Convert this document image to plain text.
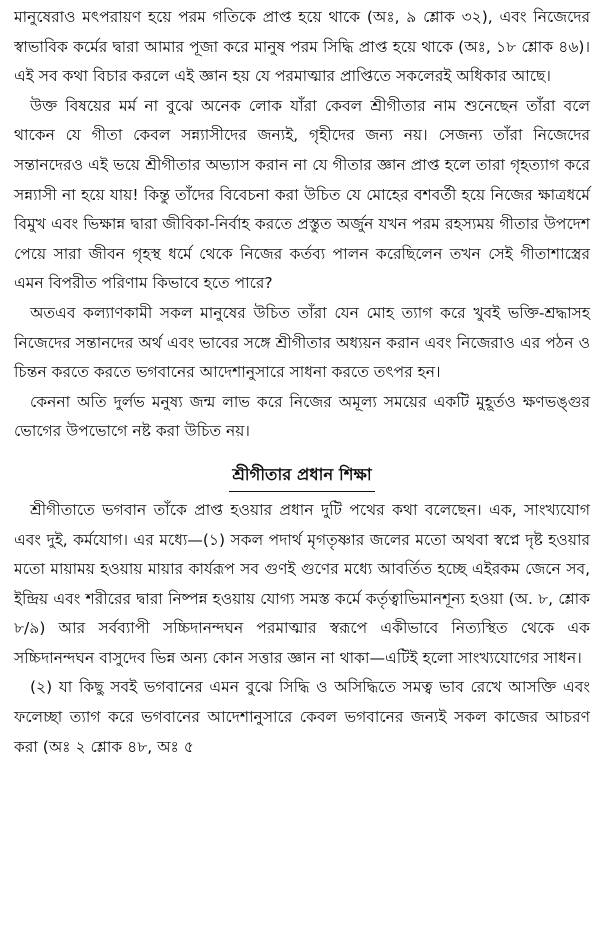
মানুষেরাও মৎপরায়ণ হয়ে পরম গতিকে প্রাপ্ত হয়ে থাকে (অঃ, ৯ শ্লোক ৩২), এবং নিজেদের স্বাভাবিক কর্মের দ্বারা আমার পূজা করে মানুষ পরম সিদ্ধি প্রাপ্ত হয়ে থাকে (অঃ, ১৮ শ্লোক ৪৬)। এই সব কথা বিচার করলে এই জ্ঞান হয় যে পরমাত্মার প্রাপ্তিতে সকলেরই অধিকার আছে।

উক্ত বিষয়ের মর্ম না বুঝে অনেক লোক যাঁরা কেবল শ্রীগীতার নাম শুনেছেন তাঁরা বলে থাকেন যে গীতা কেবল সন্ন্যাসীদের জন্যই, গৃহীদের জন্য নয়। সেজন্য তাঁরা নিজেদের সন্তানদেরও এই ভয়ে শ্রীগীতার অভ্যাস করান না যে গীতার জ্ঞান প্রাপ্ত হলে তারা গৃহত্যাগ করে সন্ন্যাসী না হয়ে যায়! কিন্তু তাঁদের বিবেচনা করা উচিত যে মোহের বশবর্তী হয়ে নিজের ক্ষাত্রধর্মে বিমুখ এবং ভিক্ষান্ন দ্বারা জীবিকা-নির্বাহ করতে প্রস্তুত অর্জুন যখন পরম রহস্যময় গীতার উপদেশ পেয়ে সারা জীবন গৃহস্থ ধর্মে থেকে নিজের কর্তব্য পালন করেছিলেন তখন সেই গীতাশাস্ত্রের এমন বিপরীত পরিণাম কিভাবে হতে পারে?

অতএব কল্যাণকামী সকল মানুষের উচিত তাঁরা যেন মোহ ত্যাগ করে খুবই ভক্তি-শ্রদ্ধাসহ নিজেদের সন্তানদের অর্থ এবং ভাবের সঙ্গে শ্রীগীতার অধ্যয়ন করান এবং নিজেরাও এর পঠন ও চিন্তন করতে করতে ভগবানের আদেশানুসারে সাধনা করতে তৎপর হন।

কেননা অতি দুর্লভ মনুষ্য জন্ম লাভ করে নিজের অমূল্য সময়ের একটি মুহূর্তও ক্ষণভঙ্গুর ভোগের উপভোগে নষ্ট করা উচিত নয়।

শ্রীগীতার প্রধান শিক্ষা

শ্রীগীতাতে ভগবান তাঁকে প্রাপ্ত হওয়ার প্রধান দুটি পথের কথা বলেছেন। এক, সাংখ্যযোগ এবং দুই, কর্মযোগ। এর মধ্যে—(১) সকল পদার্থ মৃগতৃষ্ণার জলের মতো অথবা স্বপ্নে দৃষ্ট হওয়ার মতো মায়াময় হওয়ায় মায়ার কার্যরূপ সব গুণই গুণের মধ্যে আবর্তিত হচ্ছে এইরকম জেনে সব, ইন্দ্রিয় এবং শরীরের দ্বারা নিষ্পন্ন হওয়ায় যোগ্য সমস্ত কর্মে কর্তৃত্বাভিমানশূন্য হওয়া (অ. ৮, শ্লোক ৮/৯) আর সর্বব্যাপী সচ্চিদানন্দঘন পরমাত্মার স্বরূপে একীভাবে নিত্যস্থিত থেকে এক সচ্চিদানন্দঘন বাসুদেব ভিন্ন অন্য কোন সত্তার জ্ঞান না থাকা—এটিই হলো সাংখ্যযোগের সাধন।

(২) যা কিছু সবই ভগবানের এমন বুঝে সিদ্ধি ও অসিদ্ধিতে সমত্ব ভাব রেখে আসক্তি এবং ফলেচ্ছা ত্যাগ করে ভগবানের আদেশানুসারে কেবল ভগবানের জন্যই সকল কাজের আচরণ করা (অঃ ২ শ্লোক ৪৮, অঃ ৫
